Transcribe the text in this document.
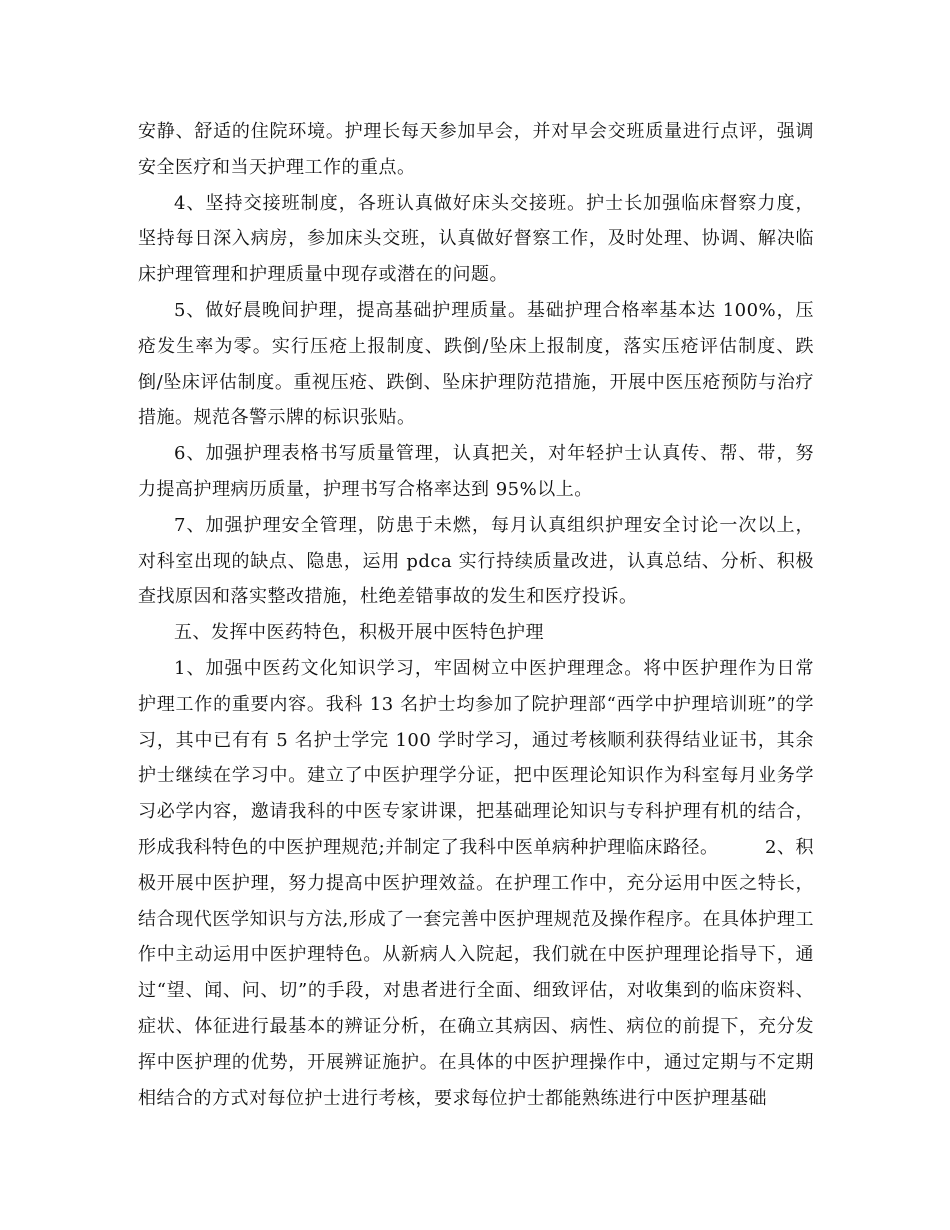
安静、舒适的住院环境。护理长每天参加早会，并对早会交班质量进行点评，强调安全医疗和当天护理工作的重点。

4、坚持交接班制度，各班认真做好床头交接班。护士长加强临床督察力度，坚持每日深入病房，参加床头交班，认真做好督察工作，及时处理、协调、解决临床护理管理和护理质量中现存或潜在的问题。

5、做好晨晚间护理，提高基础护理质量。基础护理合格率基本达 100%，压疮发生率为零。实行压疮上报制度、跌倒/坠床上报制度，落实压疮评估制度、跌倒/坠床评估制度。重视压疮、跌倒、坠床护理防范措施，开展中医压疮预防与治疗措施。规范各警示牌的标识张贴。

6、加强护理表格书写质量管理，认真把关，对年轻护士认真传、帮、带，努力提高护理病历质量，护理书写合格率达到 95%以上。

7、加强护理安全管理，防患于未燃，每月认真组织护理安全讨论一次以上，对科室出现的缺点、隐患，运用 pdca 实行持续质量改进，认真总结、分析、积极查找原因和落实整改措施，杜绝差错事故的发生和医疗投诉。

五、发挥中医药特色，积极开展中医特色护理

1、加强中医药文化知识学习，牢固树立中医护理理念。将中医护理作为日常护理工作的重要内容。我科 13 名护士均参加了院护理部“西学中护理培训班”的学习，其中已有有 5 名护士学完 100 学时学习，通过考核顺利获得结业证书，其余护士继续在学习中。建立了中医护理学分证，把中医理论知识作为科室每月业务学习必学内容，邀请我科的中医专家讲课，把基础理论知识与专科护理有机的结合，形成我科特色的中医护理规范;并制定了我科中医单病种护理临床路径。　　　2、积极开展中医护理，努力提高中医护理效益。在护理工作中，充分运用中医之特长，结合现代医学知识与方法,形成了一套完善中医护理规范及操作程序。在具体护理工作中主动运用中医护理特色。从新病人入院起，我们就在中医护理理论指导下，通过“望、闻、问、切”的手段，对患者进行全面、细致评估，对收集到的临床资料、症状、体征进行最基本的辨证分析，在确立其病因、病性、病位的前提下，充分发挥中医护理的优势，开展辨证施护。在具体的中医护理操作中，通过定期与不定期相结合的方式对每位护士进行考核，要求每位护士都能熟练进行中医护理基础
